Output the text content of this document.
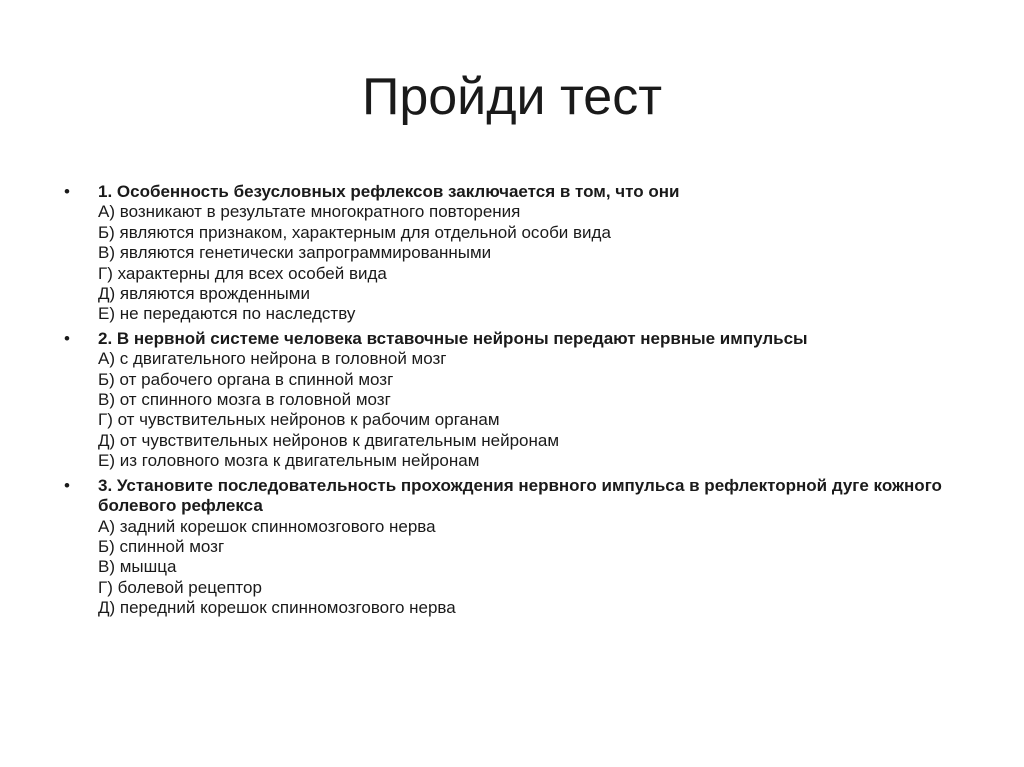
Пройди тест
•	1. Особенность безусловных рефлексов заключается в том, что они
А) возникают в результате многократного повторения
Б) являются признаком, характерным для отдельной особи вида
В) являются генетически запрограммированными
Г) характерны для всех особей вида
Д) являются врожденными
Е) не передаются по наследству
•	2. В нервной системе человека вставочные нейроны передают нервные импульсы
А) с двигательного нейрона в головной мозг
Б) от рабочего органа в спинной мозг
В) от спинного мозга в головной мозг
Г) от чувствительных нейронов к рабочим органам
Д) от чувствительных нейронов к двигательным нейронам
Е) из головного мозга к двигательным нейронам
•	3. Установите последовательность прохождения нервного импульса в рефлекторной дуге кожного болевого рефлекса
А) задний корешок спинномозгового нерва
Б) спинной мозг
В) мышца
Г) болевой рецептор
Д) передний корешок спинномозгового нерва
